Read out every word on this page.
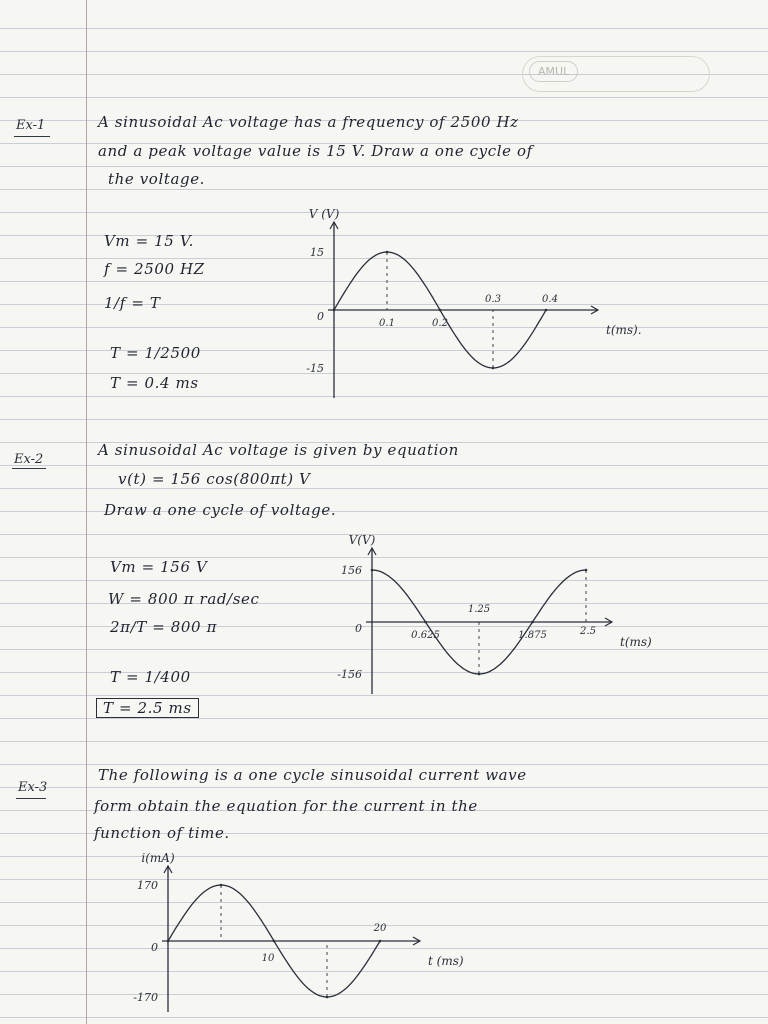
AMUL
Ex-1	A sinusoidal Ac voltage has a frequency of 2500 Hz
and a peak voltage value is 15 V. Draw a one cycle of
the voltage.
Vm = 15 V.
f = 2500 HZ
1/f = T
T = 1/2500
T = 0.4 ms
15
0
-15
0.1	0.2
0.3	0.4
V (V)
t(ms).
Ex-2
A sinusoidal Ac voltage is given by equation
v(t) = 156 cos(800πt) V
Draw a one cycle of voltage.
Vm = 156 V
W = 800 π rad/sec
2π/T = 800 π
T = 1/400
T = 2.5 ms
156
0
-156
0.625
1.25
1.875	2.5
V(V)
t(ms)
Ex-3
The following is a one cycle sinusoidal current wave
form obtain the equation for the current in the
function of time.
170
0
-170
10
20
i(mA)
t (ms)
